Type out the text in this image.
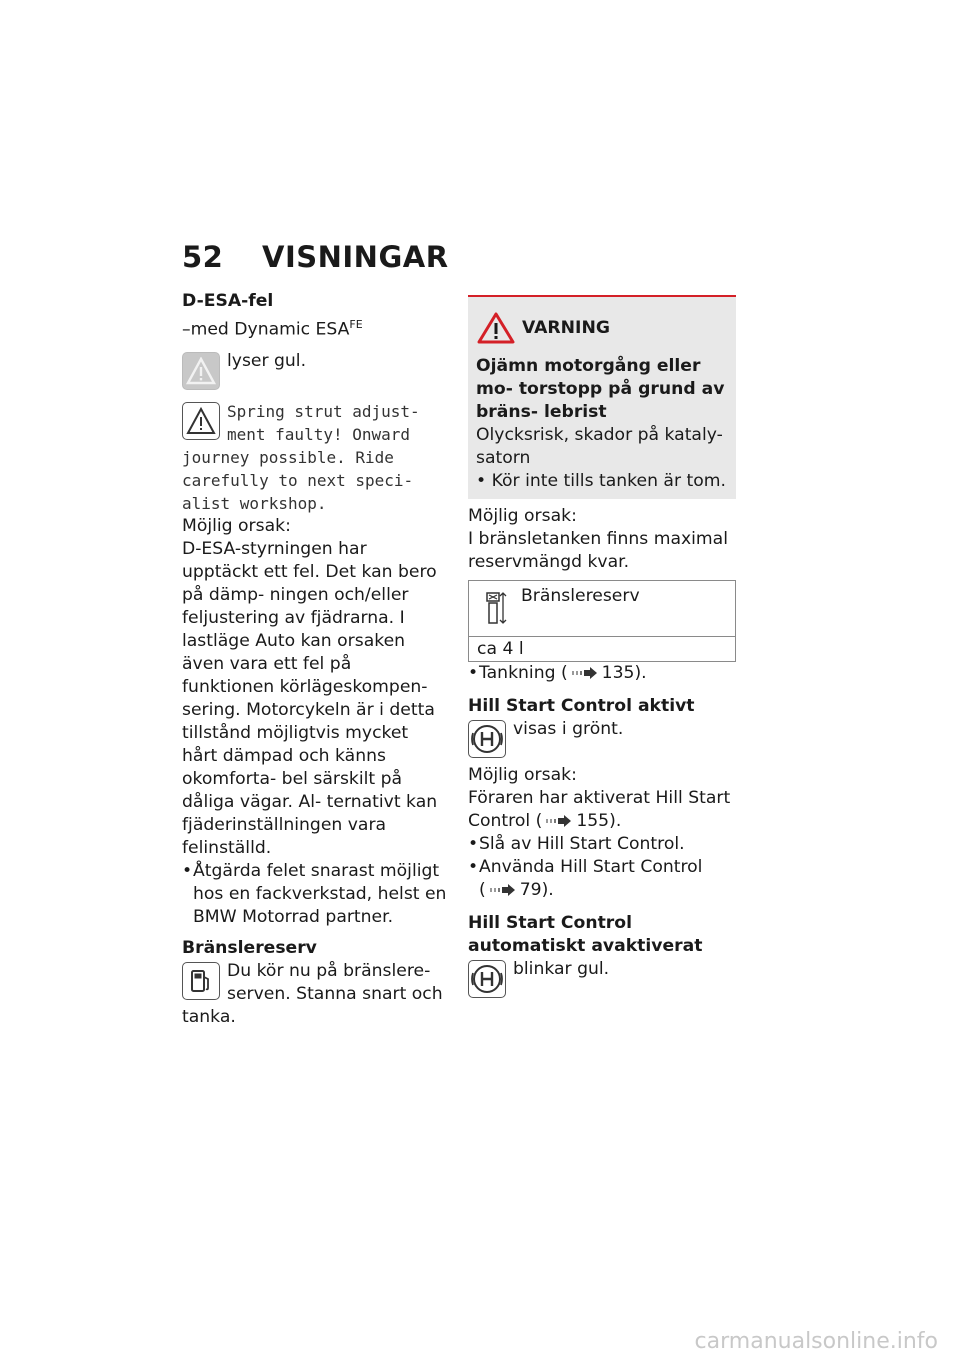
52 VISNINGAR
D-ESA-fel
–med Dynamic $ESA^{FE}$
lyser gul.
Spring strut adjust-
ment faulty! Onward
journey possible. Ride carefully to next speci- alist workshop.
Möjlig orsak:
D-ESA-styrningen har upptäckt ett fel. Det kan bero på dämp- ningen och/eller feljustering av fjädrarna. I lastläge Auto kan orsaken även vara ett fel på funktionen körlägeskompen- sering. Motorcykeln är i detta tillstånd möjligtvis mycket hårt dämpad och känns okomforta- bel särskilt på dåliga vägar. Al- ternativt kan fjäderinställningen vara felinställd.
• Åtgärda felet snarast möjligt hos en fackverkstad, helst en BMW Motorrad partner.
Bränslereserv
Du kör nu på bränslere-
serven. Stanna snart och
tanka.
VARNING
Ojämn motorgång eller mo- torstopp på grund av bräns- lebrist
Olycksrisk, skador på kataly- satorn
• Kör inte tills tanken är tom.
Möjlig orsak:
I bränsletanken finns maximal reservmängd kvar.
Bränslereserv
ca 4 l
• Tankning ( 135).
Hill Start Control aktivt
visas i grönt.
Möjlig orsak:
Föraren har aktiverat Hill Start
Control ( 155).
• Slå av Hill Start Control.
• Använda Hill Start Control
( 79).
Hill Start Control automatiskt avaktiverat
blinkar gul.
carmanualsonline.info
